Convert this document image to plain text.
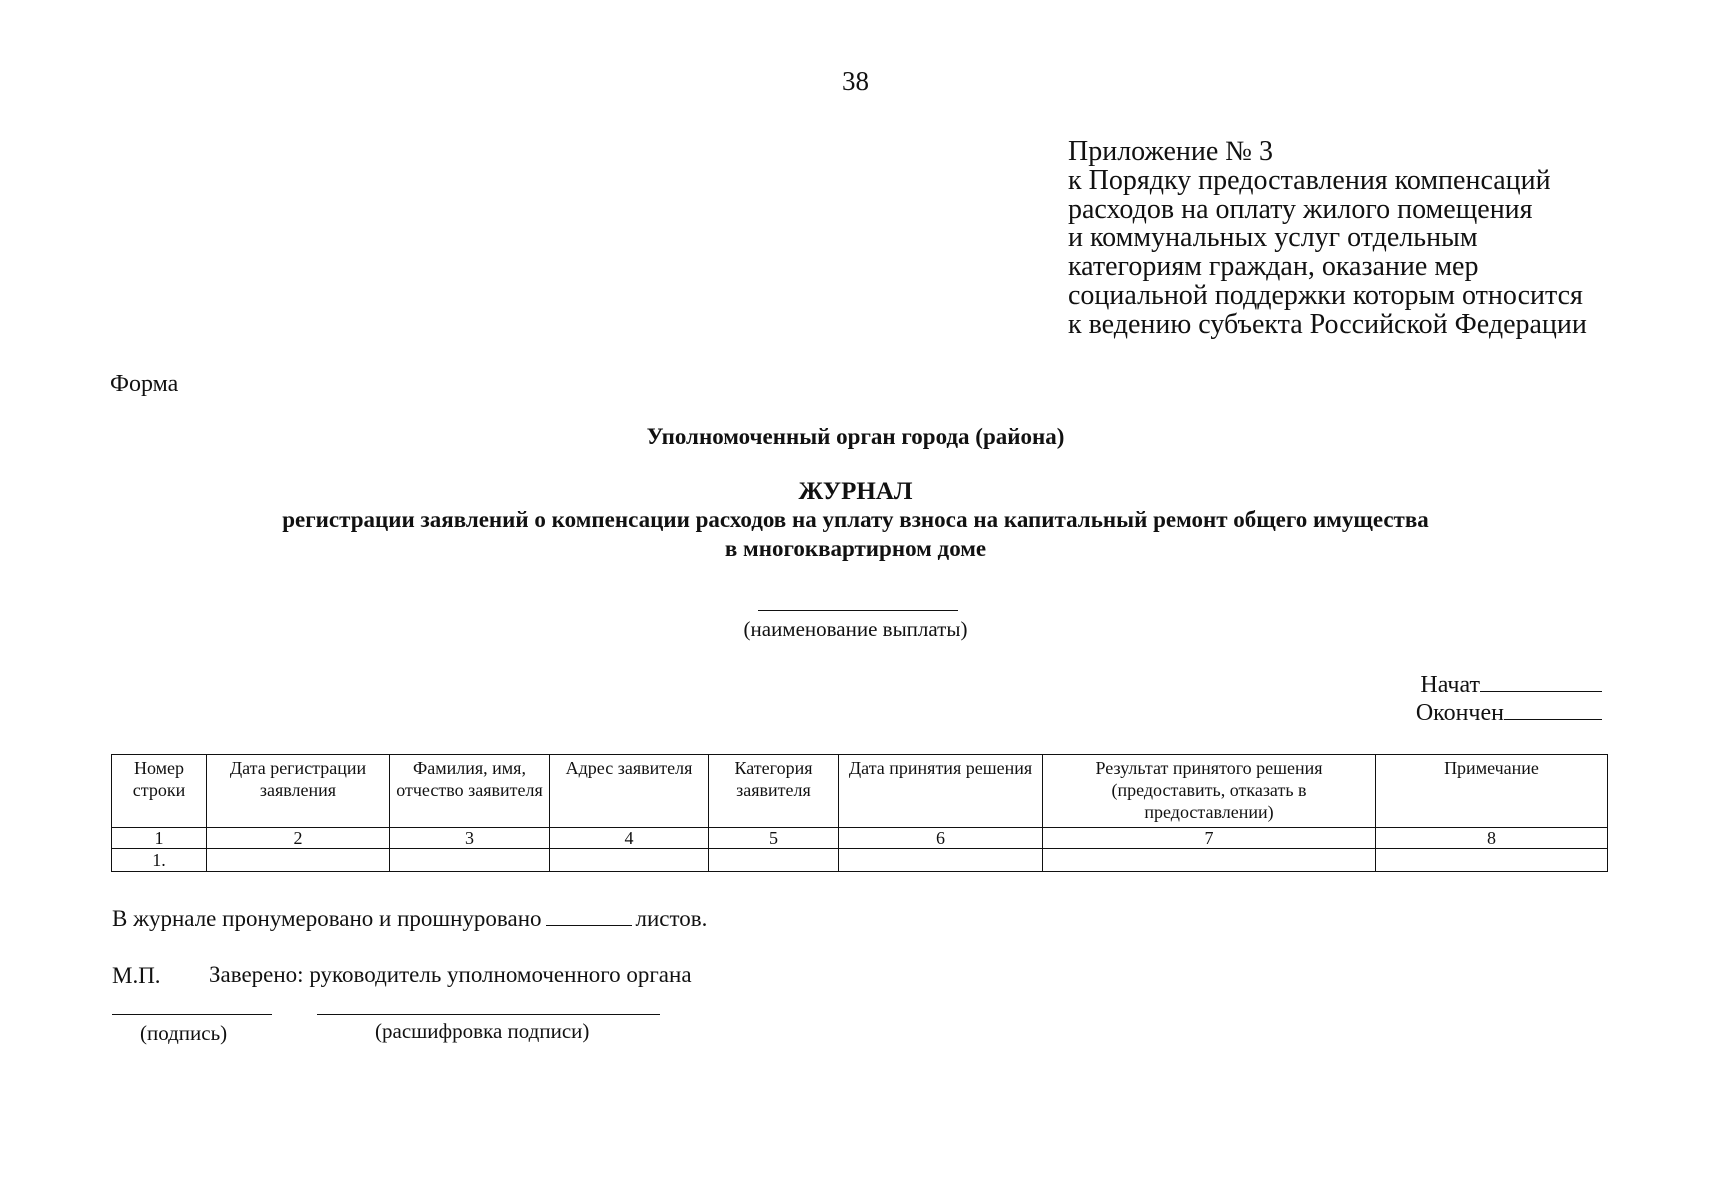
38
Приложение № 3
к Порядку предоставления компенсаций
расходов на оплату жилого помещения
и коммунальных услуг отдельным
категориям граждан, оказание мер
социальной поддержки которым относится
к ведению субъекта Российской Федерации
Форма
Уполномоченный орган города (района)
ЖУРНАЛ
регистрации заявлений о компенсации расходов на уплату взноса на капитальный ремонт общего имущества
в многоквартирном доме
(наименование выплаты)
Начат
Окончен
Номер строки	Дата регистрации заявления	Фамилия, имя, отчество заявителя	Адрес заявителя	Категория заявителя	Дата принятия решения	Результат принятого решения (предоставить, отказать в предоставлении)	Примечание
1	2	3	4	5	6	7	8
1.							
В журнале пронумеровано и прошнуровано	листов.
М.П. Заверено: руководитель уполномоченного органа
(подпись)	(расшифровка подписи)
